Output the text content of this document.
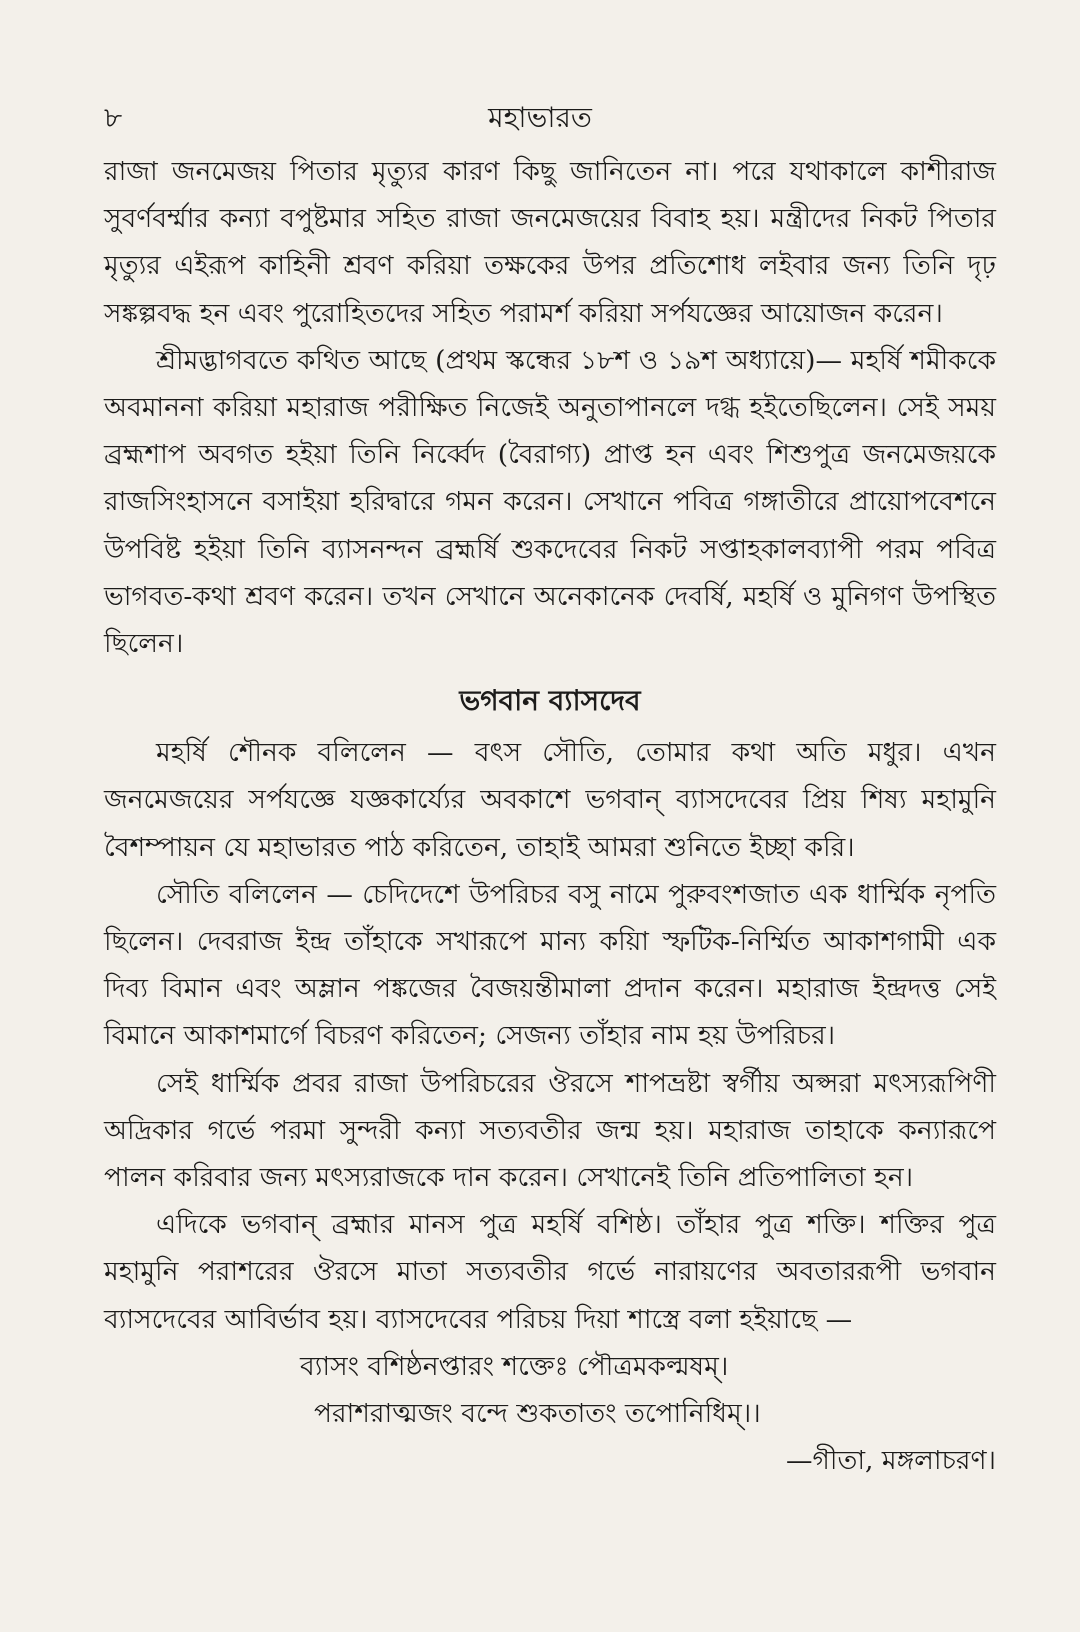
৮	মহাভারত

রাজা জনমেজয় পিতার মৃত্যুর কারণ কিছু জানিতেন না। পরে যথাকালে কাশীরাজ সুবর্ণবর্ম্মার কন্যা বপুষ্টমার সহিত রাজা জনমেজয়ের বিবাহ হয়। মন্ত্রীদের নিকট পিতার মৃত্যুর এইরূপ কাহিনী শ্রবণ করিয়া তক্ষকের উপর প্রতিশোধ লইবার জন্য তিনি দৃঢ় সঙ্কল্পবদ্ধ হন এবং পুরোহিতদের সহিত পরামর্শ করিয়া সর্পযজ্ঞের আয়োজন করেন।

শ্রীমদ্ভাগবতে কথিত আছে (প্রথম স্কন্ধের ১৮শ ও ১৯শ অধ্যায়ে)— মহর্ষি শমীককে অবমাননা করিয়া মহারাজ পরীক্ষিত নিজেই অনুতাপানলে দগ্ধ হইতেছিলেন। সেই সময় ব্রহ্মশাপ অবগত হইয়া তিনি নির্ব্বেদ (বৈরাগ্য) প্রাপ্ত হন এবং শিশুপুত্র জনমেজয়কে রাজসিংহাসনে বসাইয়া হরিদ্বারে গমন করেন। সেখানে পবিত্র গঙ্গাতীরে প্রায়োপবেশনে উপবিষ্ট হইয়া তিনি ব্যাসনন্দন ব্রহ্মর্ষি শুকদেবের নিকট সপ্তাহকালব্যাপী পরম পবিত্র ভাগবত-কথা শ্রবণ করেন। তখন সেখানে অনেকানেক দেবর্ষি, মহর্ষি ও মুনিগণ উপস্থিত ছিলেন।

ভগবান ব্যাসদেব

মহর্ষি শৌনক বলিলেন — বৎস সৌতি, তোমার কথা অতি মধুর। এখন জনমেজয়ের সর্পযজ্ঞে যজ্ঞকার্য্যের অবকাশে ভগবান্ ব্যাসদেবের প্রিয় শিষ্য মহামুনি বৈশম্পায়ন যে মহাভারত পাঠ করিতেন, তাহাই আমরা শুনিতে ইচ্ছা করি।

সৌতি বলিলেন — চেদিদেশে উপরিচর বসু নামে পুরুবংশজাত এক ধার্ম্মিক নৃপতি ছিলেন। দেবরাজ ইন্দ্র তাঁহাকে সখারূপে মান্য কয়িা স্ফটিক-নির্ম্মিত আকাশগামী এক দিব্য বিমান এবং অম্লান পঙ্কজের বৈজয়ন্তীমালা প্রদান করেন। মহারাজ ইন্দ্রদত্ত সেই বিমানে আকাশমার্গে বিচরণ করিতেন; সেজন্য তাঁহার নাম হয় উপরিচর।

সেই ধার্ম্মিক প্রবর রাজা উপরিচরের ঔরসে শাপভ্রষ্টা স্বর্গীয় অপ্সরা মৎস্যরূপিণী অদ্রিকার গর্ভে পরমা সুন্দরী কন্যা সত্যবতীর জন্ম হয়। মহারাজ তাহাকে কন্যারূপে পালন করিবার জন্য মৎস্যরাজকে দান করেন। সেখানেই তিনি প্রতিপালিতা হন।

এদিকে ভগবান্ ব্রহ্মার মানস পুত্র মহর্ষি বশিষ্ঠ। তাঁহার পুত্র শক্তি। শক্তির পুত্র মহামুনি পরাশরের ঔরসে মাতা সত্যবতীর গর্ভে নারায়ণের অবতাররূপী ভগবান ব্যাসদেবের আবির্ভাব হয়। ব্যাসদেবের পরিচয় দিয়া শাস্ত্রে বলা হইয়াছে —

ব্যাসং বশিষ্ঠনপ্তারং শক্তেঃ পৌত্রমকল্মষম্।

পরাশরাত্মজং বন্দে শুকতাতং তপোনিধিম্।।

—গীতা, মঙ্গলাচরণ।
